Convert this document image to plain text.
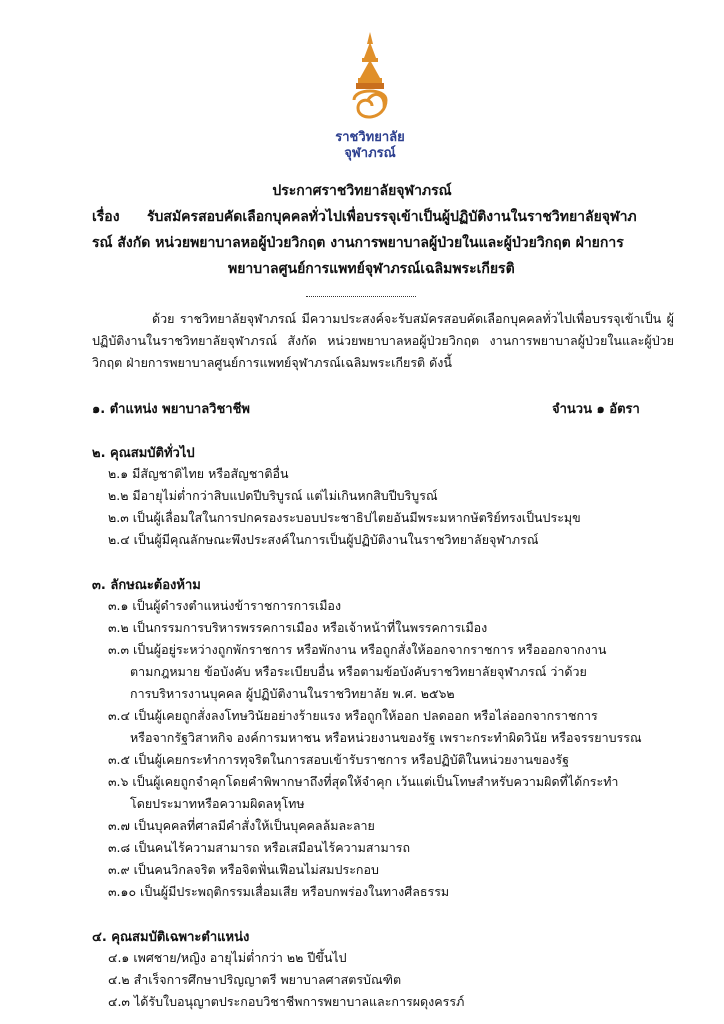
ราชวิทยาลัย
จุฬาภรณ์
ประกาศราชวิทยาลัยจุฬาภรณ์
เรื่อง รับสมัครสอบคัดเลือกบุคคลทั่วไปเพื่อบรรจุเข้าเป็นผู้ปฏิบัติงานในราชวิทยาลัยจุฬาภ
รณ์ สังกัด หน่วยพยาบาลหอผู้ป่วยวิกฤต งานการพยาบาลผู้ป่วยในและผู้ป่วยวิกฤต ฝ่ายการ
พยาบาลศูนย์การแพทย์จุฬาภรณ์เฉลิมพระเกียรติ
ด้วย ราชวิทยาลัยจุฬาภรณ์ มีความประสงค์จะรับสมัครสอบคัดเลือกบุคคลทั่วไปเพื่อบรรจุเข้าเป็น ผู้ปฏิบัติงานในราชวิทยาลัยจุฬาภรณ์ สังกัด หน่วยพยาบาลหอผู้ป่วยวิกฤต งานการพยาบาลผู้ป่วยในและผู้ป่วยวิกฤต ฝ่ายการพยาบาลศูนย์การแพทย์จุฬาภรณ์เฉลิมพระเกียรติ ดังนี้
๑. ตำแหน่ง พยาบาลวิชาชีพ	จำนวน ๑ อัตรา
๒. คุณสมบัติทั่วไป
๒.๑ มีสัญชาติไทย หรือสัญชาติอื่น
๒.๒ มีอายุไม่ต่ำกว่าสิบแปดปีบริบูรณ์ แต่ไม่เกินหกสิบปีบริบูรณ์
๒.๓ เป็นผู้เลื่อมใสในการปกครองระบอบประชาธิปไตยอันมีพระมหากษัตริย์ทรงเป็นประมุข
๒.๔ เป็นผู้มีคุณลักษณะพึงประสงค์ในการเป็นผู้ปฏิบัติงานในราชวิทยาลัยจุฬาภรณ์
๓. ลักษณะต้องห้าม
๓.๑ เป็นผู้ดำรงตำแหน่งข้าราชการการเมือง
๓.๒ เป็นกรรมการบริหารพรรคการเมือง หรือเจ้าหน้าที่ในพรรคการเมือง
๓.๓ เป็นผู้อยู่ระหว่างถูกพักราชการ หรือพักงาน หรือถูกสั่งให้ออกจากราชการ หรือออกจากงาน
ตามกฎหมาย ข้อบังคับ หรือระเบียบอื่น หรือตามข้อบังคับราชวิทยาลัยจุฬาภรณ์ ว่าด้วย
การบริหารงานบุคคล ผู้ปฏิบัติงานในราชวิทยาลัย พ.ศ. ๒๕๖๒
๓.๔ เป็นผู้เคยถูกสั่งลงโทษวินัยอย่างร้ายแรง หรือถูกให้ออก ปลดออก หรือไล่ออกจากราชการ
หรือจากรัฐวิสาหกิจ องค์การมหาชน หรือหน่วยงานของรัฐ เพราะกระทำผิดวินัย หรือจรรยาบรรณ
๓.๕ เป็นผู้เคยกระทำการทุจริตในการสอบเข้ารับราชการ หรือปฏิบัติในหน่วยงานของรัฐ
๓.๖ เป็นผู้เคยถูกจำคุกโดยคำพิพากษาถึงที่สุดให้จำคุก เว้นแต่เป็นโทษสำหรับความผิดที่ได้กระทำ
โดยประมาทหรือความผิดลหุโทษ
๓.๗ เป็นบุคคลที่ศาลมีคำสั่งให้เป็นบุคคลล้มละลาย
๓.๘ เป็นคนไร้ความสามารถ หรือเสมือนไร้ความสามารถ
๓.๙ เป็นคนวิกลจริต หรือจิตฟั่นเฟือนไม่สมประกอบ
๓.๑๐ เป็นผู้มีประพฤติกรรมเสื่อมเสีย หรือบกพร่องในทางศีลธรรม
๔. คุณสมบัติเฉพาะตำแหน่ง
๔.๑ เพศชาย/หญิง อายุไม่ต่ำกว่า ๒๒ ปีขึ้นไป
๔.๒ สำเร็จการศึกษาปริญญาตรี พยาบาลศาสตรบัณฑิต
๔.๓ ได้รับใบอนุญาตประกอบวิชาชีพการพยาบาลและการผดุงครรภ์
